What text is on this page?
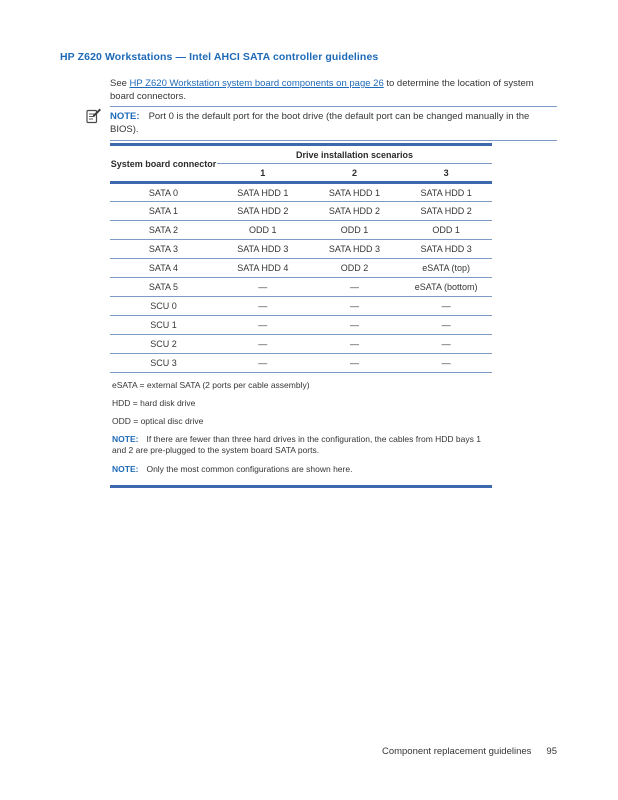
HP Z620 Workstations — Intel AHCI SATA controller guidelines

See HP Z620 Workstation system board components on page 26 to determine the location of system board connectors.

NOTE: Port 0 is the default port for the boot drive (the default port can be changed manually in the BIOS).

System board connector	Drive installation scenarios		
	1	2	3
SATA 0	SATA HDD 1	SATA HDD 1	SATA HDD 1
SATA 1	SATA HDD 2	SATA HDD 2	SATA HDD 2
SATA 2	ODD 1	ODD 1	ODD 1
SATA 3	SATA HDD 3	SATA HDD 3	SATA HDD 3
SATA 4	SATA HDD 4	ODD 2	eSATA (top)
SATA 5	—	—	eSATA (bottom)
SCU 0	—	—	—
SCU 1	—	—	—
SCU 2	—	—	—
SCU 3	—	—	—

eSATA = external SATA (2 ports per cable assembly)

HDD = hard disk drive

ODD = optical disc drive

NOTE: If there are fewer than three hard drives in the configuration, the cables from HDD bays 1 and 2 are pre-plugged to the system board SATA ports.

NOTE: Only the most common configurations are shown here.

Component replacement guidelines 95
